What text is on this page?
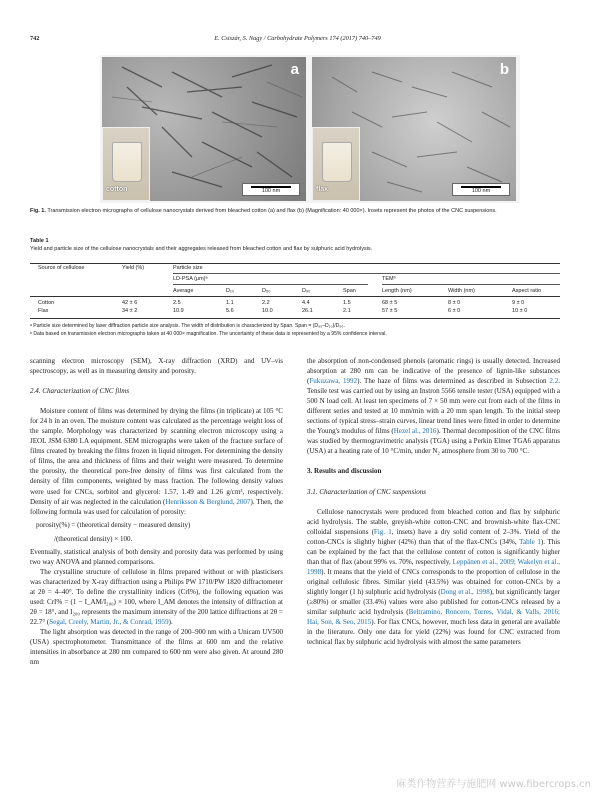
742	E. Csiszár, S. Nagy / Carbohydrate Polymers 174 (2017) 740–749
a
cotton	100 nm
b
flax	100 nm
Fig. 1. Transmission electron micrographs of cellulose nanocrystals derived from bleached cotton (a) and flax (b) (Magnification: 40 000×). Insets represent the photos of the CNC suspensions.
Table 1
Yield and particle size of the cellulose nanocrystals and their aggregates released from bleached cotton and flax by sulphuric acid hydrolysis.
Source of cellulose	Yield (%)	Particle size
LD-PSA (μm)ᵃ	TEMᵇ
Average	D₁₀	D₅₀	D₉₀	Span	Length (nm)	Width (nm)	Aspect ratio
Cotton	42 ± 6	2.5	1.1	2.2	4.4	1.5	68 ± 5	8 ± 0	9 ± 0
Flax	34 ± 2	10.9	5.6	10.0	26.1	2.1	57 ± 5	6 ± 0	10 ± 0
ᵃ Particle size determined by laser diffraction particle size analysis. The width of distribution is characterized by Span. Span = (D₉₀–D₁₀)/D₅₀.
ᵇ Data based on transmission electron micrographs taken at 40 000× magnification. The uncertainty of these data is represented by a 95% confidence interval.

scanning electron microscopy (SEM), X-ray diffraction (XRD) and UV–vis spectroscopy, as well as in measuring density and porosity.

2.4. Characterization of CNC films

Moisture content of films was determined by drying the films (in triplicate) at 105 °C for 24 h in an oven. The moisture content was calculated as the percentage weight loss of the sample. Morphology was characterized by scanning electron microscopy using a JEOL JSM 6380 LA equipment. SEM micrographs were taken of the fracture surface of films created by breaking the films frozen in liquid nitrogen. For determining the density of films, the area and thickness of films and their weight were measured. To determine the porosity, the theoretical pore-free density of films was first calculated from the density of film components, weighted by mass fraction. The following density values were used for CNCs, sorbitol and glycerol: 1.57, 1.49 and 1.26 g/cm³, respectively. Density of air was neglected in the calculation (Henriksson & Berglund, 2007). Then, the following formula was used for calculation of porosity:

porosity(%) = (theoretical density − measured density)
/(theoretical density) × 100.

Eventually, statistical analysis of both density and porosity data was performed by using two way ANOVA and planned comparisons.

The crystalline structure of cellulose in films prepared without or with plasticisers was characterized by X-ray diffraction using a Philips PW 1710/PW 1820 diffractometer at 2θ = 4–40°. To define the crystallinity indices (CrI%), the following equation was used: CrI% = (1 − I_AM/I₂₀₀) × 100, where I_AM denotes the intensity of diffraction at 2θ = 18°, and I₂₀₀ represents the maximum intensity of the 200 lattice diffractions at 2θ = 22.7° (Segal, Creely, Martin, Jr., & Conrad, 1959).

The light absorption was detected in the range of 200–900 nm with a Unicam UV500 (USA) spectrophotometer. Transmittance of the films at 600 nm and the relative intensities in absorbance at 280 nm compared to 600 nm were also given. At around 280 nm

the absorption of non-condensed phenols (aromatic rings) is usually detected. Increased absorption at 280 nm can be indicative of the presence of lignin-like substances (Fukuzawa, 1992). The haze of films was determined as described in Subsection 2.2. Tensile test was carried out by using an Instron 5566 tensile tester (USA) equipped with a 500 N load cell. At least ten specimens of 7 × 50 mm were cut from each of the films in different series and tested at 10 mm/min with a 20 mm span length. To the initial steep sections of typical stress–strain curves, linear trend lines were fitted in order to determine the Young's modulus of films (Hezel al., 2016). Thermal decomposition of the CNC films was studied by thermogravimetric analysis (TGA) using a Perkin Elmer TGA6 apparatus (USA) at a heating rate of 10 °C/min, under N₂ atmosphere from 30 to 700 °C.

3. Results and discussion
3.1. Characterization of CNC suspensions

Cellulose nanocrystals were produced from bleached cotton and flax by sulphuric acid hydrolysis. The stable, greyish-white cotton-CNC and brownish-white flax-CNC colloidal suspensions (Fig. 1, insets) have a dry solid content of 2–3%. Yield of the cotton-CNCs is slightly higher (42%) than that of the flax-CNCs (34%, Table 1). This can be explained by the fact that the cellulose content of cotton is significantly higher than that of flax (about 99% vs. 70%, respectively, Leppänen et al., 2009; Wakelyn et al., 1998). It means that the yield of CNCs corresponds to the proportion of cellulose in the original cellulosic fibres. Similar yield (43.5%) was obtained for cotton-CNCs by a slightly longer (1 h) sulphuric acid hydrolysis (Dong et al., 1998), but significantly larger (≥80%) or smaller (33.4%) values were also published for cotton-CNCs released by a similar sulphuric acid hydrolysis (Beltramino, Roncero, Torres, Vidal, & Valls, 2016; Hai, Son, & Seo, 2015). For flax CNCs, however, much less data in general are available in the literature. Only one data for yield (22%) was found for CNC extracted from technical flax by sulphuric acid hydrolysis with almost the same parameters

麻类作物营养与施肥网 www.fibercrops.cn
